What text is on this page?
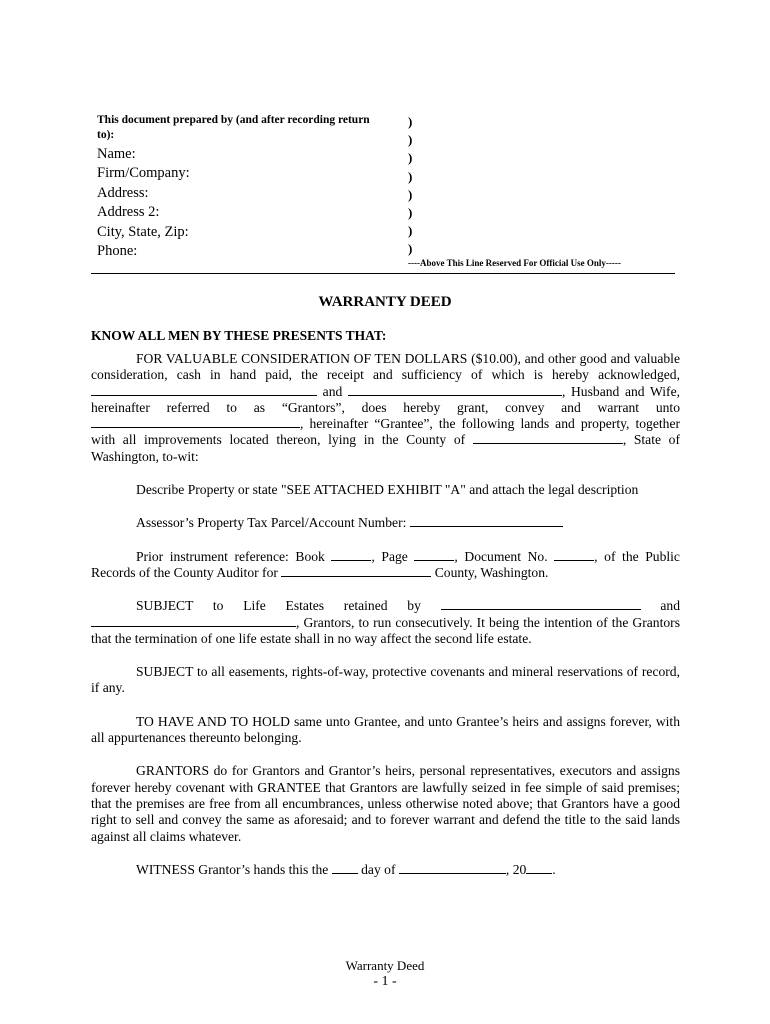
This document prepared by (and after recording return to):
Name:
Firm/Company:
Address:
Address 2:
City, State, Zip:
Phone:
)
)
)
)
)
)
)
)
----Above This Line Reserved For Official Use Only-----
WARRANTY DEED
KNOW ALL MEN BY THESE PRESENTS THAT:

FOR VALUABLE CONSIDERATION OF TEN DOLLARS ($10.00), and other good and valuable consideration, cash in hand paid, the receipt and sufficiency of which is hereby acknowledged,  and	, Husband and Wife, hereinafter referred to as “Grantors”, does hereby grant, convey and warrant unto , hereinafter “Grantee”, the following lands and property, together with all improvements located thereon, lying in the County of	, State of Washington, to-wit:

Describe Property or state "SEE ATTACHED EXHIBIT "A" and attach the legal description

Assessor’s Property Tax Parcel/Account Number:

Prior instrument reference: Book	, Page	, Document No.	, of the Public Records of the County Auditor for	County, Washington.

SUBJECT to Life Estates retained by	and , Grantors, to run consecutively. It being the intention of the Grantors that the termination of one life estate shall in no way affect the second life estate.

SUBJECT to all easements, rights-of-way, protective covenants and mineral reservations of record, if any.

TO HAVE AND TO HOLD same unto Grantee, and unto Grantee’s heirs and assigns forever, with all appurtenances thereunto belonging.

GRANTORS do for Grantors and Grantor’s heirs, personal representatives, executors and assigns forever hereby covenant with GRANTEE that Grantors are lawfully seized in fee simple of said premises; that the premises are free from all encumbrances, unless otherwise noted above; that Grantors have a good right to sell and convey the same as aforesaid; and to forever warrant and defend the title to the said lands against all claims whatever.

WITNESS Grantor’s hands this the day of	, 20 .

Warranty Deed
- 1 -
